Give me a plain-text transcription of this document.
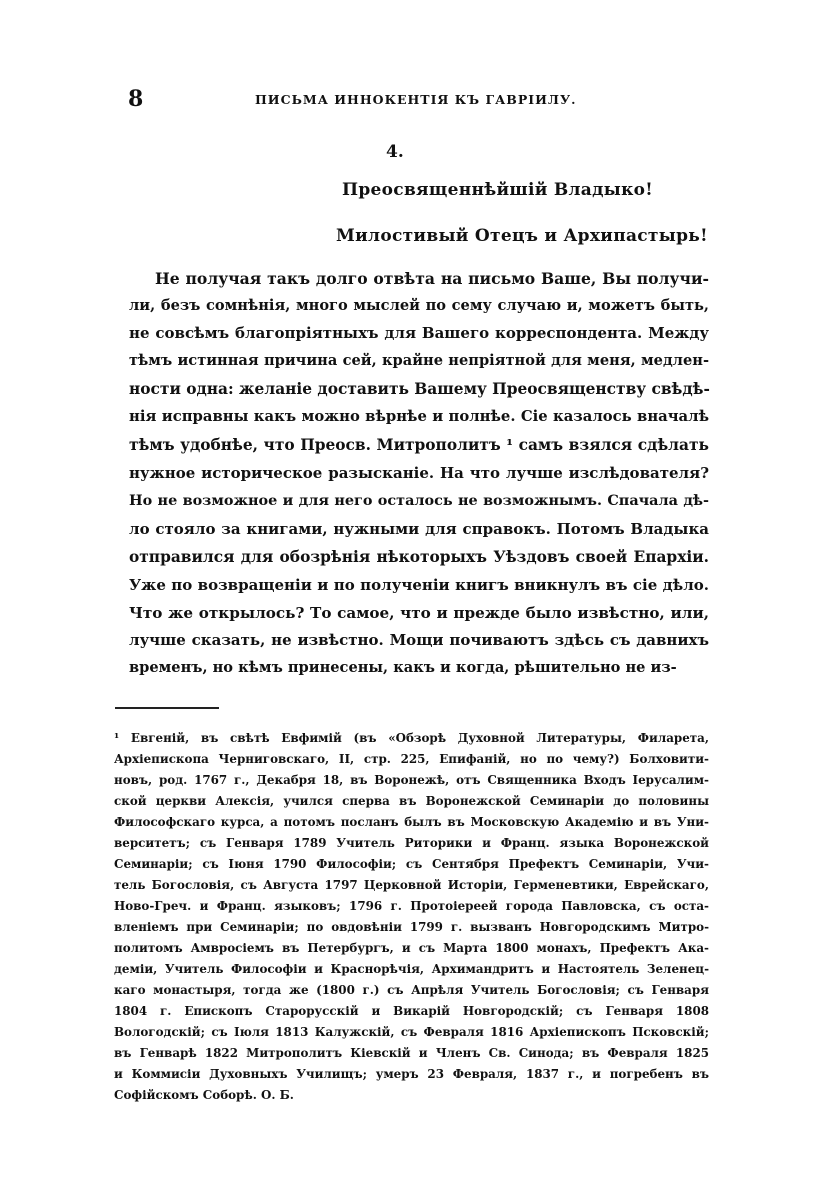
8	ПИСЬМА ИННОКЕНТІЯ КЪ ГАВРІИЛУ.
4.
Преосвященнѣйшій Владыко!
Милостивый Отецъ и Архипастырь!
Не получая такъ долго отвѣта на письмо Ваше, Вы получи-
ли, безъ сомнѣнія, много мыслей по сему случаю и, можетъ быть,
не совсѣмъ благопріятныхъ для Вашего корреспондента. Между
тѣмъ истинная причина сей, крайне непріятной для меня, медлен-
ности одна: желаніе доставить Вашему Преосвященству свѣдѣ-
нія исправны какъ можно вѣрнѣе и полнѣе. Сіе казалось вначалѣ
тѣмъ удобнѣе, что Преосв. Митрополитъ ¹ самъ взялся сдѣлать
нужное историческое разысканіе. На что лучше изслѣдователя?
Но не возможное и для него осталось не возможнымъ. Спачала дѣ-
ло стояло за книгами, нужными для справокъ. Потомъ Владыка
отправился для обозрѣнія нѣкоторыхъ Уѣздовъ своей Епархіи.
Уже по возвращеніи и по полученіи книгъ вникнулъ въ сіе дѣло.
Что же открылось? То самое, что и прежде было извѣстно, или,
лучше сказать, не извѣстно. Мощи почиваютъ здѣсь съ давнихъ
временъ, но кѣмъ принесены, какъ и когда, рѣшительно не из-
¹ Евгеній, въ свѣтѣ Евфимій (въ «Обзорѣ Духовной Литературы, Филарета,
Архіепископа Черниговскаго, II, стр. 225, Епифаній, но по чему?) Болховити-
новъ, род. 1767 г., Декабря 18, въ Воронежѣ, отъ Священника Входъ Іерусалим-
ской церкви Алексія, учился сперва въ Воронежской Семинаріи до половины
Философскаго курса, а потомъ посланъ былъ въ Московскую Академію и въ Уни-
верситетъ; съ Генваря 1789 Учитель Риторики и Франц. языка Воронежской
Семинаріи; съ Іюня 1790 Философіи; съ Сентября Префектъ Семинаріи, Учи-
тель Богословія, съ Августа 1797 Церковной Исторіи, Герменевтики, Еврейскаго,
Ново-Греч. и Франц. языковъ; 1796 г. Протоіереей города Павловска, съ оста-
вленіемъ при Семинаріи; по овдовѣніи 1799 г. вызванъ Новгородскимъ Митро-
политомъ Амвросіемъ въ Петербургъ, и съ Марта 1800 монахъ, Префектъ Ака-
деміи, Учитель Философіи и Краснорѣчія, Архимандритъ и Настоятель Зеленец-
каго монастыря, тогда же (1800 г.) съ Апрѣля Учитель Богословія; съ Генваря
1804 г. Епископъ Старорусскій и Викарій Новгородскій; съ Генваря 1808
Вологодскій; съ Іюля 1813 Калужскій, съ Февраля 1816 Архіепископъ Псковскій;
въ Генварѣ 1822 Митрополитъ Кіевскій и Членъ Св. Синода; въ Февраля 1825
и Коммисіи Духовныхъ Училищъ; умеръ 23 Февраля, 1837 г., и погребенъ въ
Софійскомъ Соборѣ. О. Б.
